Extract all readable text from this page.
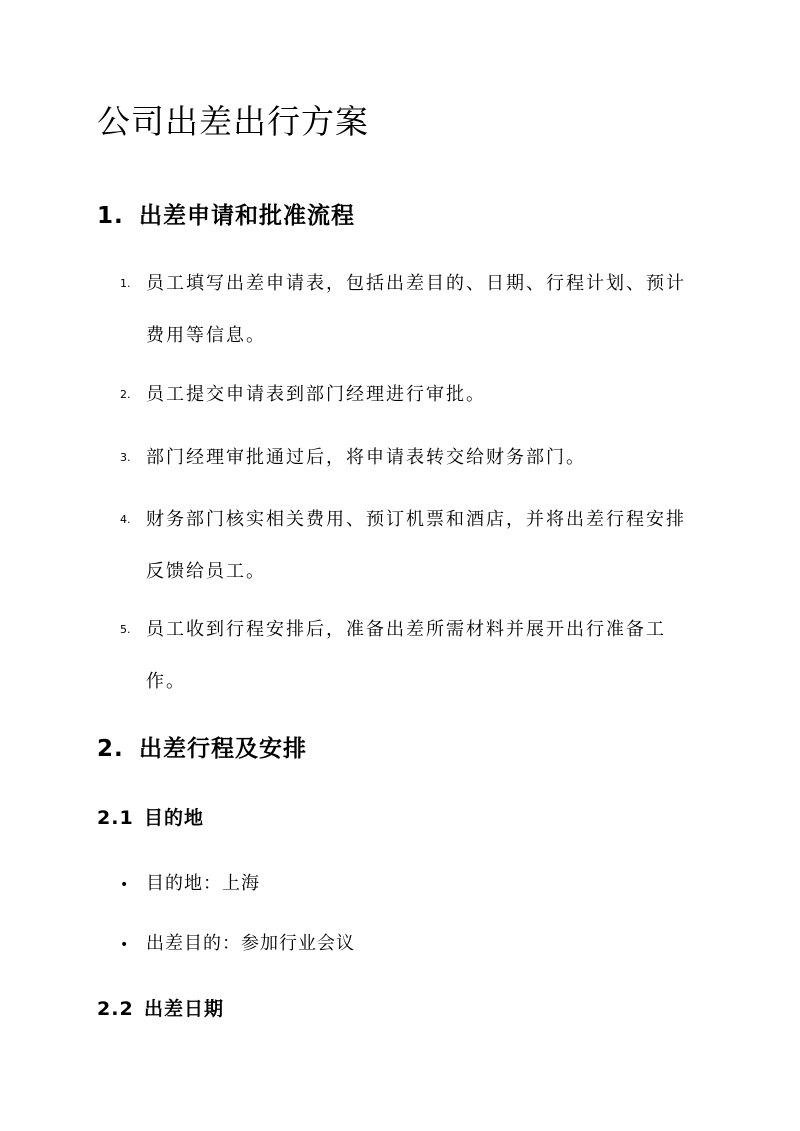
公司出差出行方案
1. 出差申请和批准流程
1. 员工填写出差申请表，包括出差目的、日期、行程计划、预计费用等信息。
2. 员工提交申请表到部门经理进行审批。
3. 部门经理审批通过后，将申请表转交给财务部门。
4. 财务部门核实相关费用、预订机票和酒店，并将出差行程安排反馈给员工。
5. 员工收到行程安排后，准备出差所需材料并展开出行准备工作。
2. 出差行程及安排
2.1 目的地
• 目的地：上海
• 出差目的：参加行业会议
2.2 出差日期
